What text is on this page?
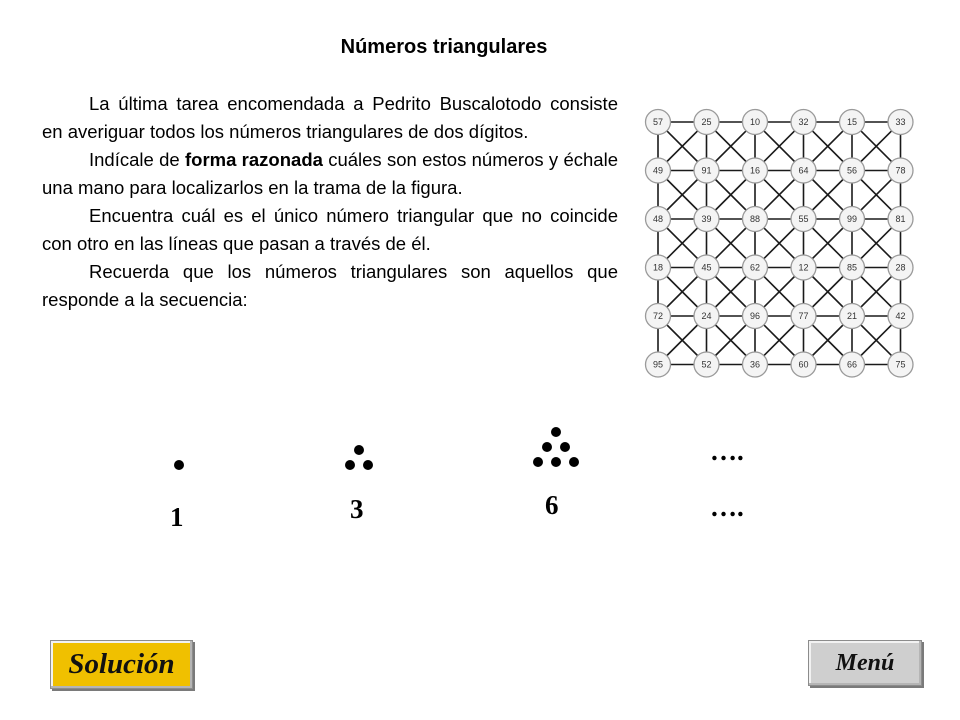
Números triangulares

La última tarea encomendada a Pedrito Buscalotodo consiste en averiguar todos los números triangulares de dos dígitos.

Indícale de forma razonada cuáles son estos números y échale una mano para localizarlos en la trama de la figura.

Encuentra cuál es el único número triangular que no coincide con otro en las líneas que pasan a través de él.

Recuerda que los números triangulares son aquellos que responde a la secuencia:

57	25	10	32	15	33
49	91	16	64	56	78
48	39	88	55	99	81
18	45	62	12	85	28
72	24	96	77	21	42
95	52	36	60	66	75
1	3	6
….
….
Solución	Menú
